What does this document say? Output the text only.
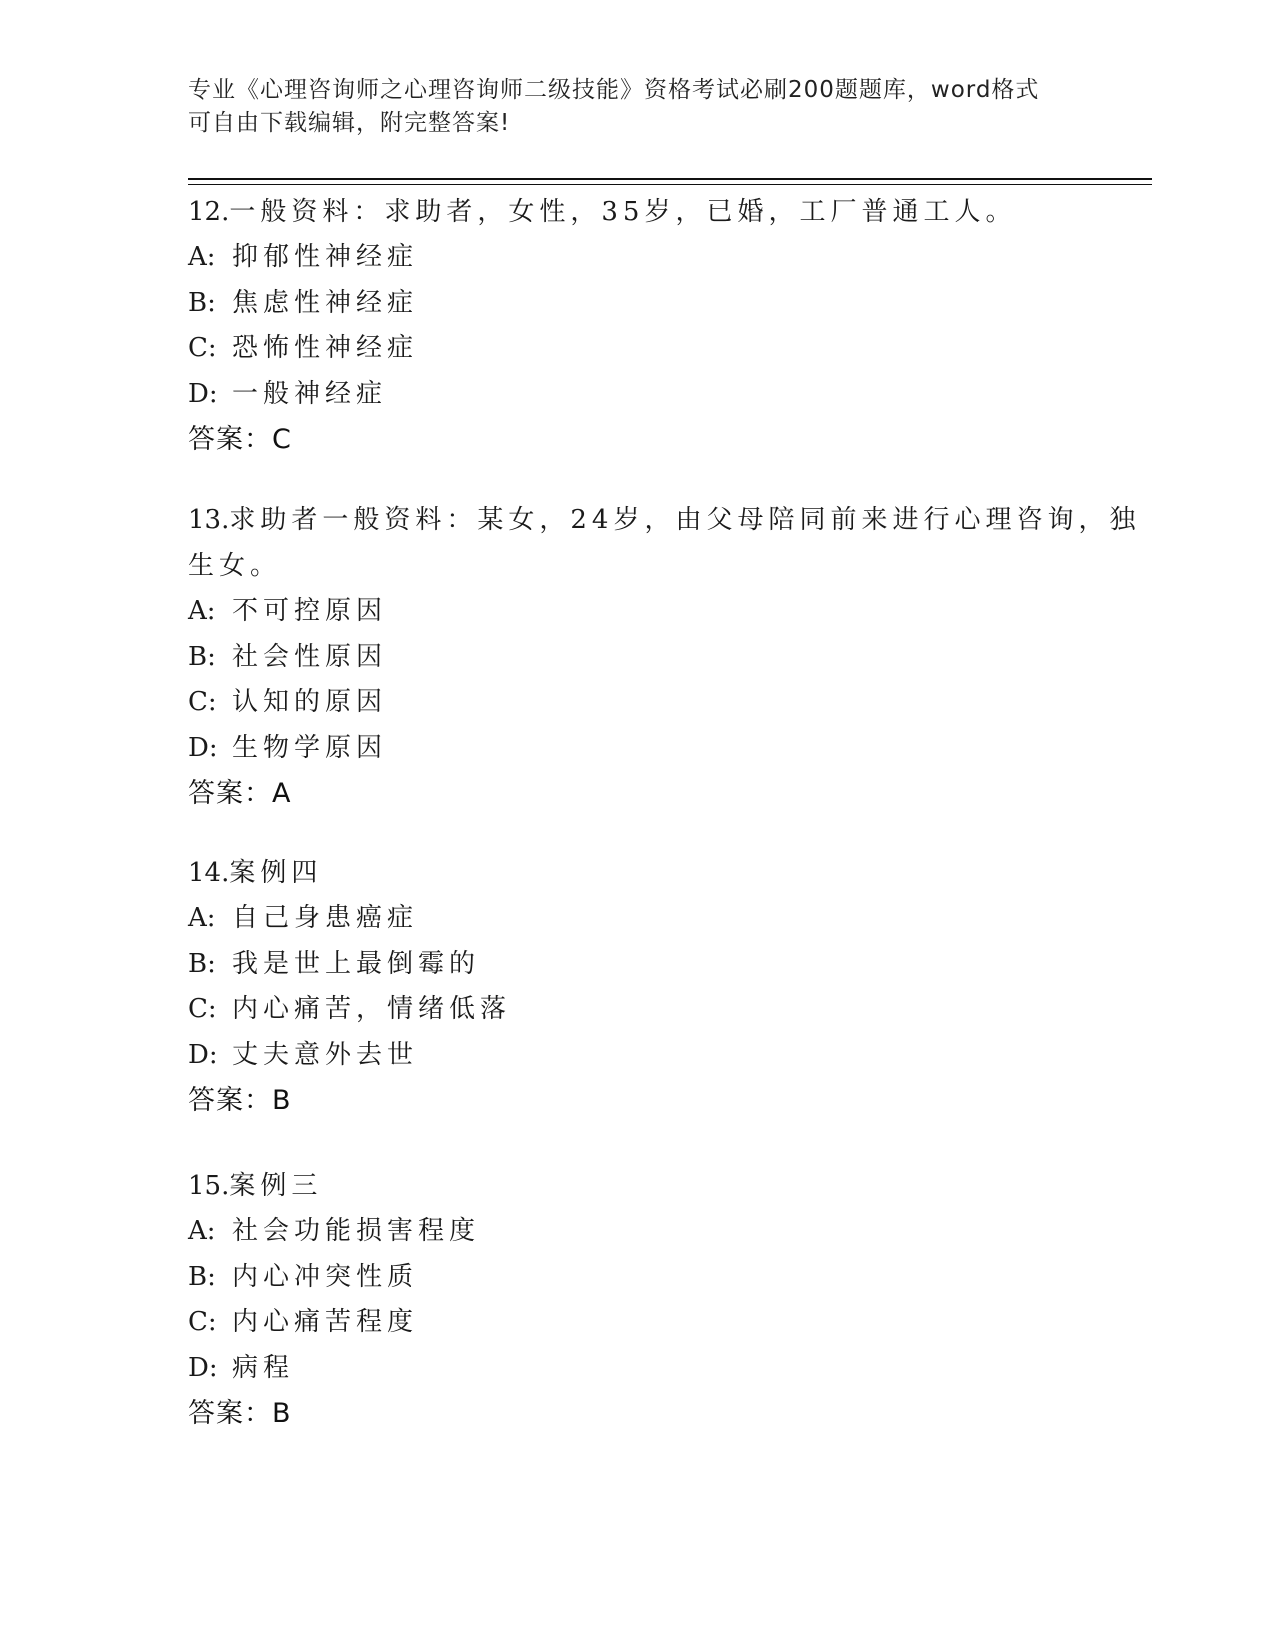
专业《心理咨询师之心理咨询师二级技能》资格考试必刷200题题库，word格式
可自由下载编辑，附完整答案!
12.一般资料：求助者，女性，35岁，已婚，工厂普通工人。
A: 抑郁性神经症
B: 焦虑性神经症
C: 恐怖性神经症
D: 一般神经症
答案：C
13.求助者一般资料：某女，24岁，由父母陪同前来进行心理咨询，独
生女。
A: 不可控原因
B: 社会性原因
C: 认知的原因
D: 生物学原因
答案：A
14.案例四
A: 自己身患癌症
B: 我是世上最倒霉的
C: 内心痛苦，情绪低落
D: 丈夫意外去世
答案：B
15.案例三
A: 社会功能损害程度
B: 内心冲突性质
C: 内心痛苦程度
D: 病程
答案：B
